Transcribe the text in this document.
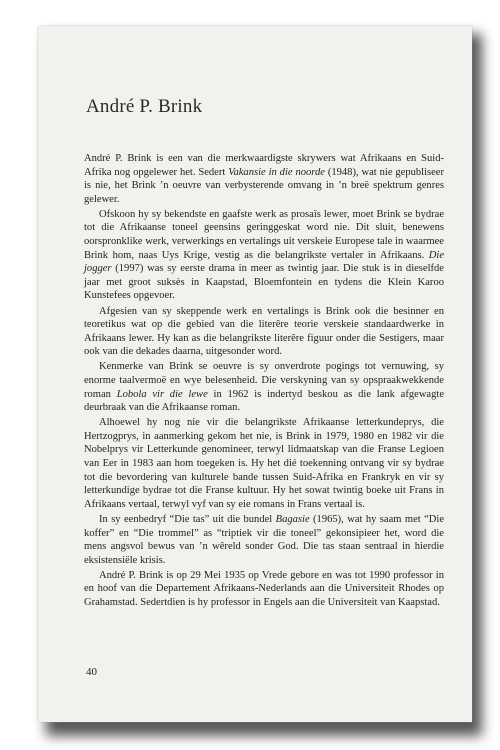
André P. Brink

André P. Brink is een van die merkwaardigste skrywers wat Afrikaans en Suid-Afrika nog opgelewer het. Sedert Vakansie in die noorde (1948), wat nie gepubliseer is nie, het Brink ’n oeuvre van verbysterende omvang in ’n breë spektrum genres gelewer.

Ofskoon hy sy bekendste en gaafste werk as prosaïs lewer, moet Brink se bydrae tot die Afrikaanse toneel geensins geringgeskat word nie. Dit sluit, benewens oorspronklike werk, verwerkings en vertalings uit verskeie Europese tale in waarmee Brink hom, naas Uys Krige, vestig as die belangrikste vertaler in Afrikaans. Die jogger (1997) was sy eerste drama in meer as twintig jaar. Die stuk is in dieselfde jaar met groot suksès in Kaapstad, Bloemfontein en tydens die Klein Karoo Kunstefees opgevoer.

Afgesien van sy skeppende werk en vertalings is Brink ook die besinner en teoretikus wat op die gebied van die literêre teorie verskeie standaardwerke in Afrikaans lewer. Hy kan as die belangrikste literêre figuur onder die Sestigers, maar ook van die dekades daarna, uitgesonder word.

Kenmerke van Brink se oeuvre is sy onverdrote pogings tot vernuwing, sy enorme taalvermoë en wye belesenheid. Die verskyning van sy opspraakwekkende roman Lobola vir die lewe in 1962 is indertyd beskou as die lank afgewagte deurbraak van die Afrikaanse roman.

Alhoewel hy nog nie vir die belangrikste Afrikaanse letterkundeprys, die Hertzogprys, in aanmerking gekom het nie, is Brink in 1979, 1980 en 1982 vir die Nobelprys vir Letterkunde genomineer, terwyl lidmaatskap van die Franse Legioen van Eer in 1983 aan hom toegeken is. Hy het dié toekenning ontvang vir sy bydrae tot die bevordering van kulturele bande tussen Suid-Afrika en Frankryk en vir sy letterkundige bydrae tot die Franse kultuur. Hy het sowat twintig boeke uit Frans in Afrikaans vertaal, terwyl vyf van sy eie romans in Frans vertaal is.

In sy eenbedryf “Die tas” uit die bundel Bagasie (1965), wat hy saam met “Die koffer” en “Die trommel” as “triptiek vir die toneel” gekonsipieer het, word die mens angsvol bewus van ’n wêreld sonder God. Die tas staan sentraal in hierdie eksistensiële krisis.

André P. Brink is op 29 Mei 1935 op Vrede gebore en was tot 1990 professor in en hoof van die Departement Afrikaans-Nederlands aan die Universiteit Rhodes op Grahamstad. Sedertdien is hy professor in Engels aan die Universiteit van Kaapstad.

40
